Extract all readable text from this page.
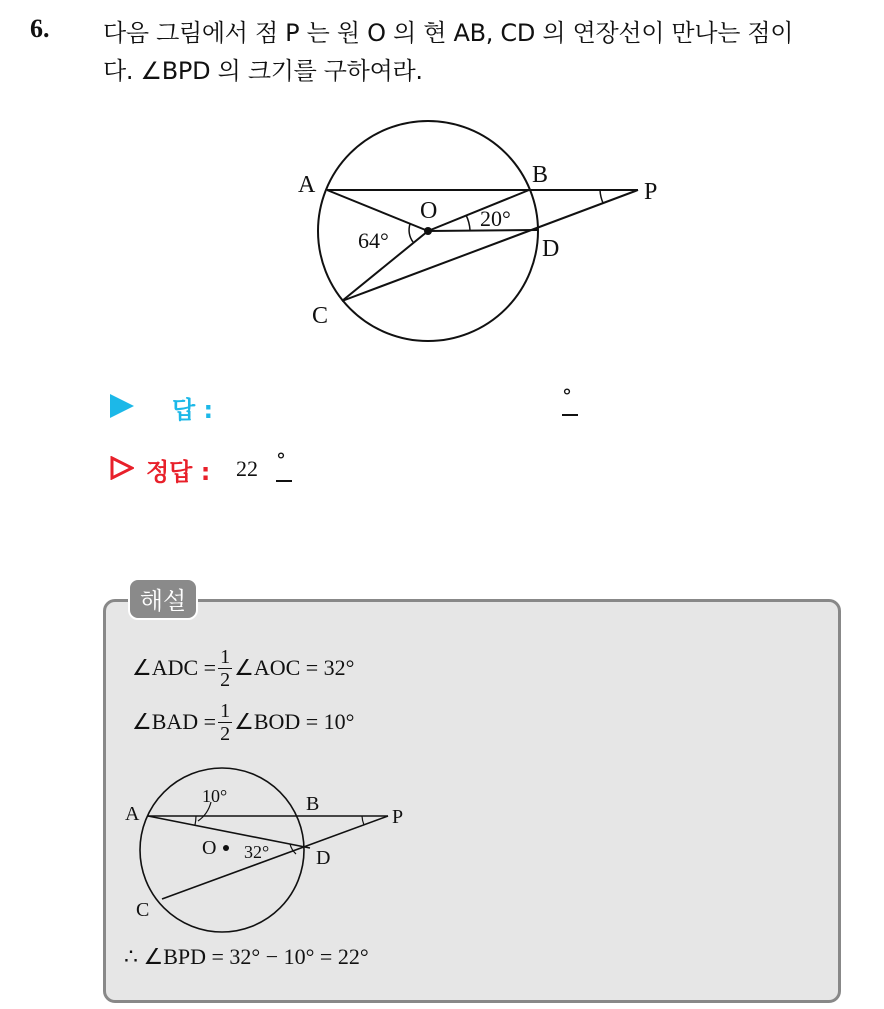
6. 다음 그림에서 점 P 는 원 O 의 현 AB, CD 의 연장선이 만나는 점이
다. ∠BPD 의 크기를 구하여라.
A	B
P
O
D
C
64°
20°
답 :	°
정답 : 22 °
해설
∠ADC = $\frac{1}{2}$ ∠AOC = 32°
∠BAD = $\frac{1}{2}$ ∠BOD = 10°
A	B
P
O	D
C
10°
32°
∴ ∠BPD = 32° − 10° = 22°
